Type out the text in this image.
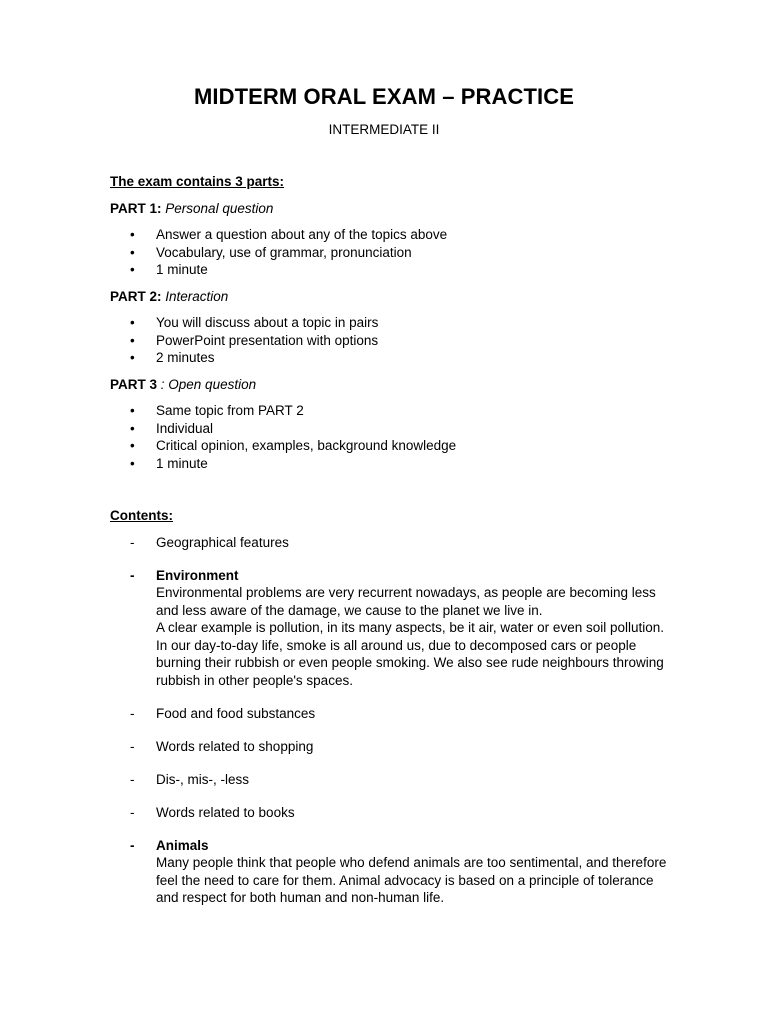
MIDTERM ORAL EXAM – PRACTICE
INTERMEDIATE II
The exam contains 3 parts:
PART 1: Personal question
• Answer a question about any of the topics above
• Vocabulary, use of grammar, pronunciation
• 1 minute
PART 2: Interaction
• You will discuss about a topic in pairs
• PowerPoint presentation with options
• 2 minutes
PART 3 : Open question
• Same topic from PART 2
• Individual
• Critical opinion, examples, background knowledge
• 1 minute
Contents:
- Geographical features
- Environment
Environmental problems are very recurrent nowadays, as people are becoming less and less aware of the damage, we cause to the planet we live in.
A clear example is pollution, in its many aspects, be it air, water or even soil pollution. In our day-to-day life, smoke is all around us, due to decomposed cars or people burning their rubbish or even people smoking. We also see rude neighbours throwing rubbish in other people's spaces.
- Food and food substances
- Words related to shopping
- Dis-, mis-, -less
- Words related to books
- Animals
Many people think that people who defend animals are too sentimental, and therefore feel the need to care for them. Animal advocacy is based on a principle of tolerance and respect for both human and non-human life.
